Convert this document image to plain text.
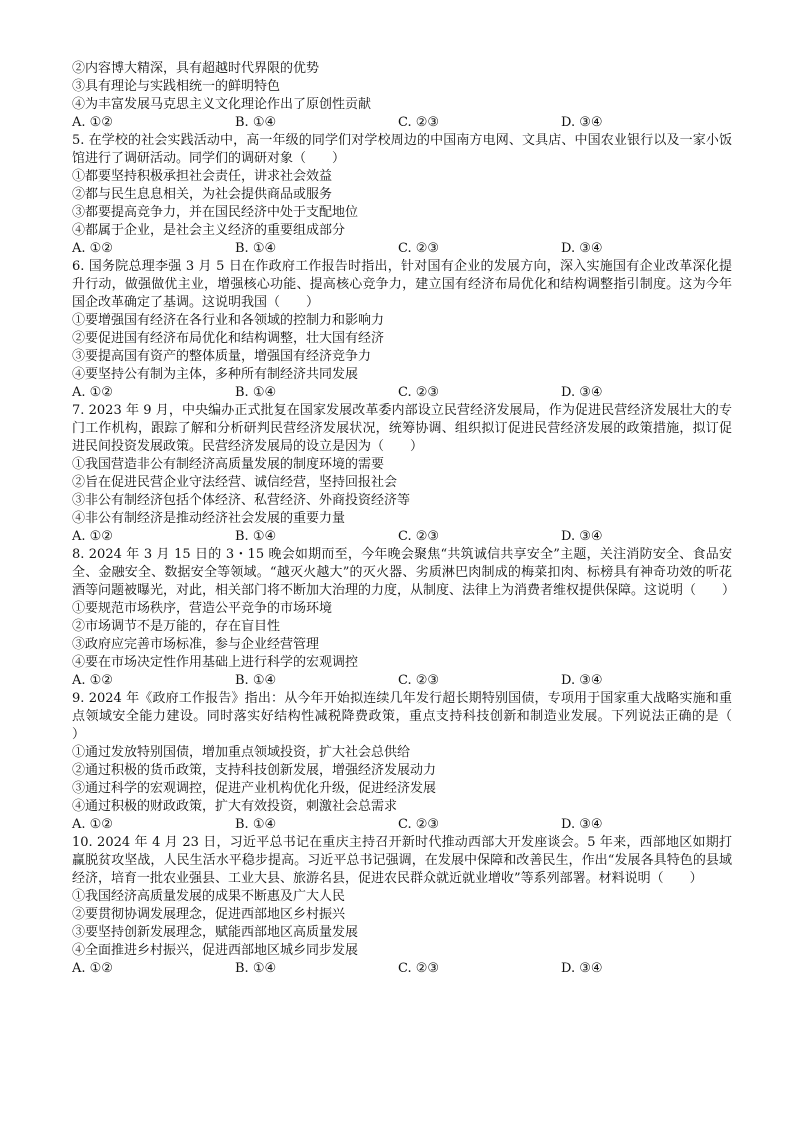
②内容博大精深，具有超越时代界限的优势
③具有理论与实践相统一的鲜明特色
④为丰富发展马克思主义文化理论作出了原创性贡献
A. ①②	B. ①④	C. ②③	D. ③④
5. 在学校的社会实践活动中，高一年级的同学们对学校周边的中国南方电网、文具店、中国农业银行以及一家小饭馆进行了调研活动。同学们的调研对象（　　）
①都要坚持积极承担社会责任，讲求社会效益
②都与民生息息相关，为社会提供商品或服务
③都要提高竞争力，并在国民经济中处于支配地位
④都属于企业，是社会主义经济的重要组成部分
A. ①②	B. ①④	C. ②③	D. ③④
6. 国务院总理李强 3 月 5 日在作政府工作报告时指出，针对国有企业的发展方向，深入实施国有企业改革深化提升行动，做强做优主业，增强核心功能、提高核心竞争力，建立国有经济布局优化和结构调整指引制度。这为今年国企改革确定了基调。这说明我国（　　）
①要增强国有经济在各行业和各领域的控制力和影响力
②要促进国有经济布局优化和结构调整，壮大国有经济
③要提高国有资产的整体质量，增强国有经济竞争力
④要坚持公有制为主体，多种所有制经济共同发展
A. ①②	B. ①④	C. ②③	D. ③④
7. 2023 年 9 月，中央编办正式批复在国家发展改革委内部设立民营经济发展局，作为促进民营经济发展壮大的专门工作机构，跟踪了解和分析研判民营经济发展状况，统筹协调、组织拟订促进民营经济发展的政策措施，拟订促进民间投资发展政策。民营经济发展局的设立是因为（　　）
①我国营造非公有制经济高质量发展的制度环境的需要
②旨在促进民营企业守法经营、诚信经营，坚持回报社会
③非公有制经济包括个体经济、私营经济、外商投资经济等
④非公有制经济是推动经济社会发展的重要力量
A. ①②	B. ①④	C. ②③	D. ③④
8. 2024 年 3 月 15 日的 3・15 晚会如期而至，今年晚会聚焦“共筑诚信共享安全”主题，关注消防安全、食品安全、金融安全、数据安全等领域。“越灭火越大”的灭火器、劣质淋巴肉制成的梅菜扣肉、标榜具有神奇功效的听花酒等问题被曝光，对此，相关部门将不断加大治理的力度，从制度、法律上为消费者维权提供保障。这说明（　　）
①要规范市场秩序，营造公平竞争的市场环境
②市场调节不是万能的，存在盲目性
③政府应完善市场标准，参与企业经营管理
④要在市场决定性作用基础上进行科学的宏观调控
A. ①②	B. ①④	C. ②③	D. ③④
9. 2024 年《政府工作报告》指出：从今年开始拟连续几年发行超长期特别国债，专项用于国家重大战略实施和重点领域安全能力建设。同时落实好结构性减税降费政策，重点支持科技创新和制造业发展。下列说法正确的是（　　）
①通过发放特别国债，增加重点领域投资，扩大社会总供给
②通过积极的货币政策，支持科技创新发展，增强经济发展动力
③通过科学的宏观调控，促进产业机构优化升级，促进经济发展
④通过积极的财政政策，扩大有效投资，刺激社会总需求
A. ①②	B. ①④	C. ②③	D. ③④
10. 2024 年 4 月 23 日，习近平总书记在重庆主持召开新时代推动西部大开发座谈会。5 年来，西部地区如期打赢脱贫攻坚战，人民生活水平稳步提高。习近平总书记强调，在发展中保障和改善民生，作出“发展各具特色的县域经济，培育一批农业强县、工业大县、旅游名县，促进农民群众就近就业增收”等系列部署。材料说明（　　）
①我国经济高质量发展的成果不断惠及广大人民
②要贯彻协调发展理念，促进西部地区乡村振兴
③要坚持创新发展理念，赋能西部地区高质量发展
④全面推进乡村振兴，促进西部地区城乡同步发展
A. ①②	B. ①④	C. ②③	D. ③④
